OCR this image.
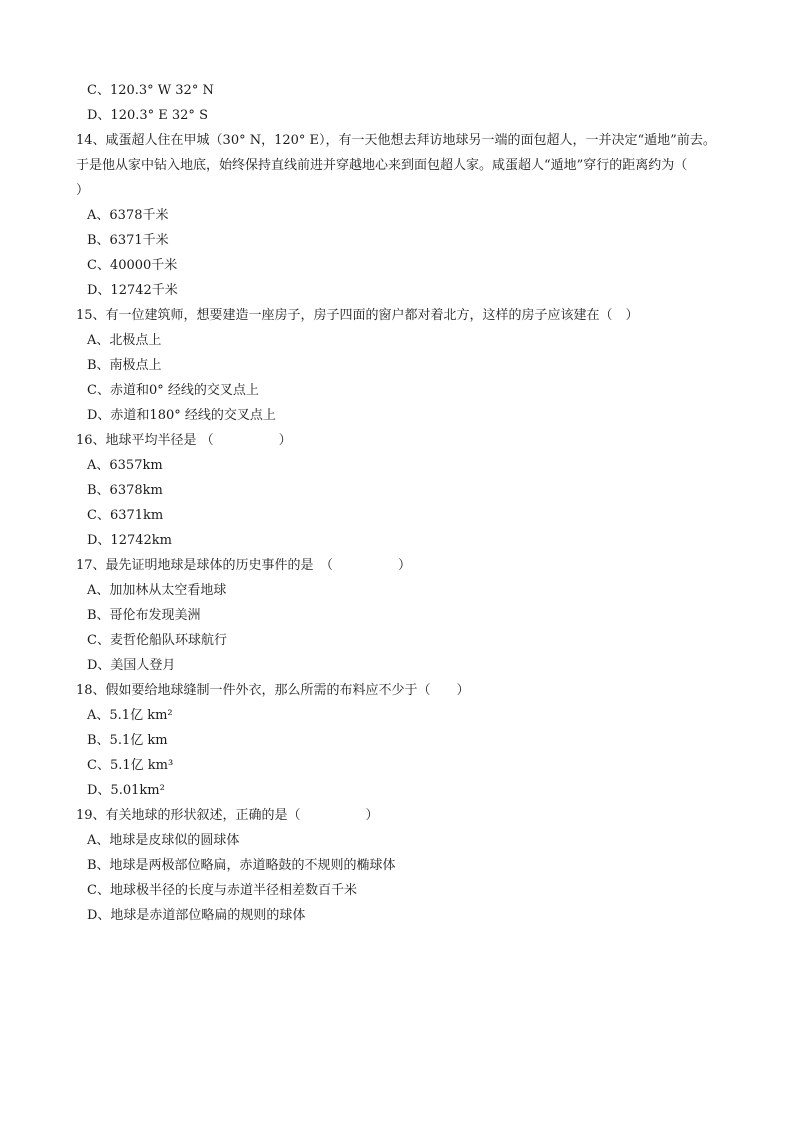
C、120.3° W 32° N
D、120.3° E 32° S
14、咸蛋超人住在甲城（30° N，120° E），有一天他想去拜访地球另一端的面包超人，一并决定“遁地”前去。于是他从家中钻入地底，始终保持直线前进并穿越地心来到面包超人家。咸蛋超人“遁地”穿行的距离约为（　　　）
A、6378千米
B、6371千米
C、40000千米
D、12742千米
15、有一位建筑师，想要建造一座房子，房子四面的窗户都对着北方，这样的房子应该建在（　）
A、北极点上
B、南极点上
C、赤道和0° 经线的交叉点上
D、赤道和180° 经线的交叉点上
16、地球平均半径是 （　　　　　）
A、6357km
B、6378km
C、6371km
D、12742km
17、最先证明地球是球体的历史事件的是　（　　　　　）
A、加加林从太空看地球
B、哥伦布发现美洲
C、麦哲伦船队环球航行
D、美国人登月
18、假如要给地球缝制一件外衣，那么所需的布料应不少于（　　）
A、5.1亿 km²
B、5.1亿 km
C、5.1亿 km³
D、5.01km²
19、有关地球的形状叙述，正确的是（　　　　　）
A、地球是皮球似的圆球体
B、地球是两极部位略扁，赤道略鼓的不规则的椭球体
C、地球极半径的长度与赤道半径相差数百千米
D、地球是赤道部位略扁的规则的球体
